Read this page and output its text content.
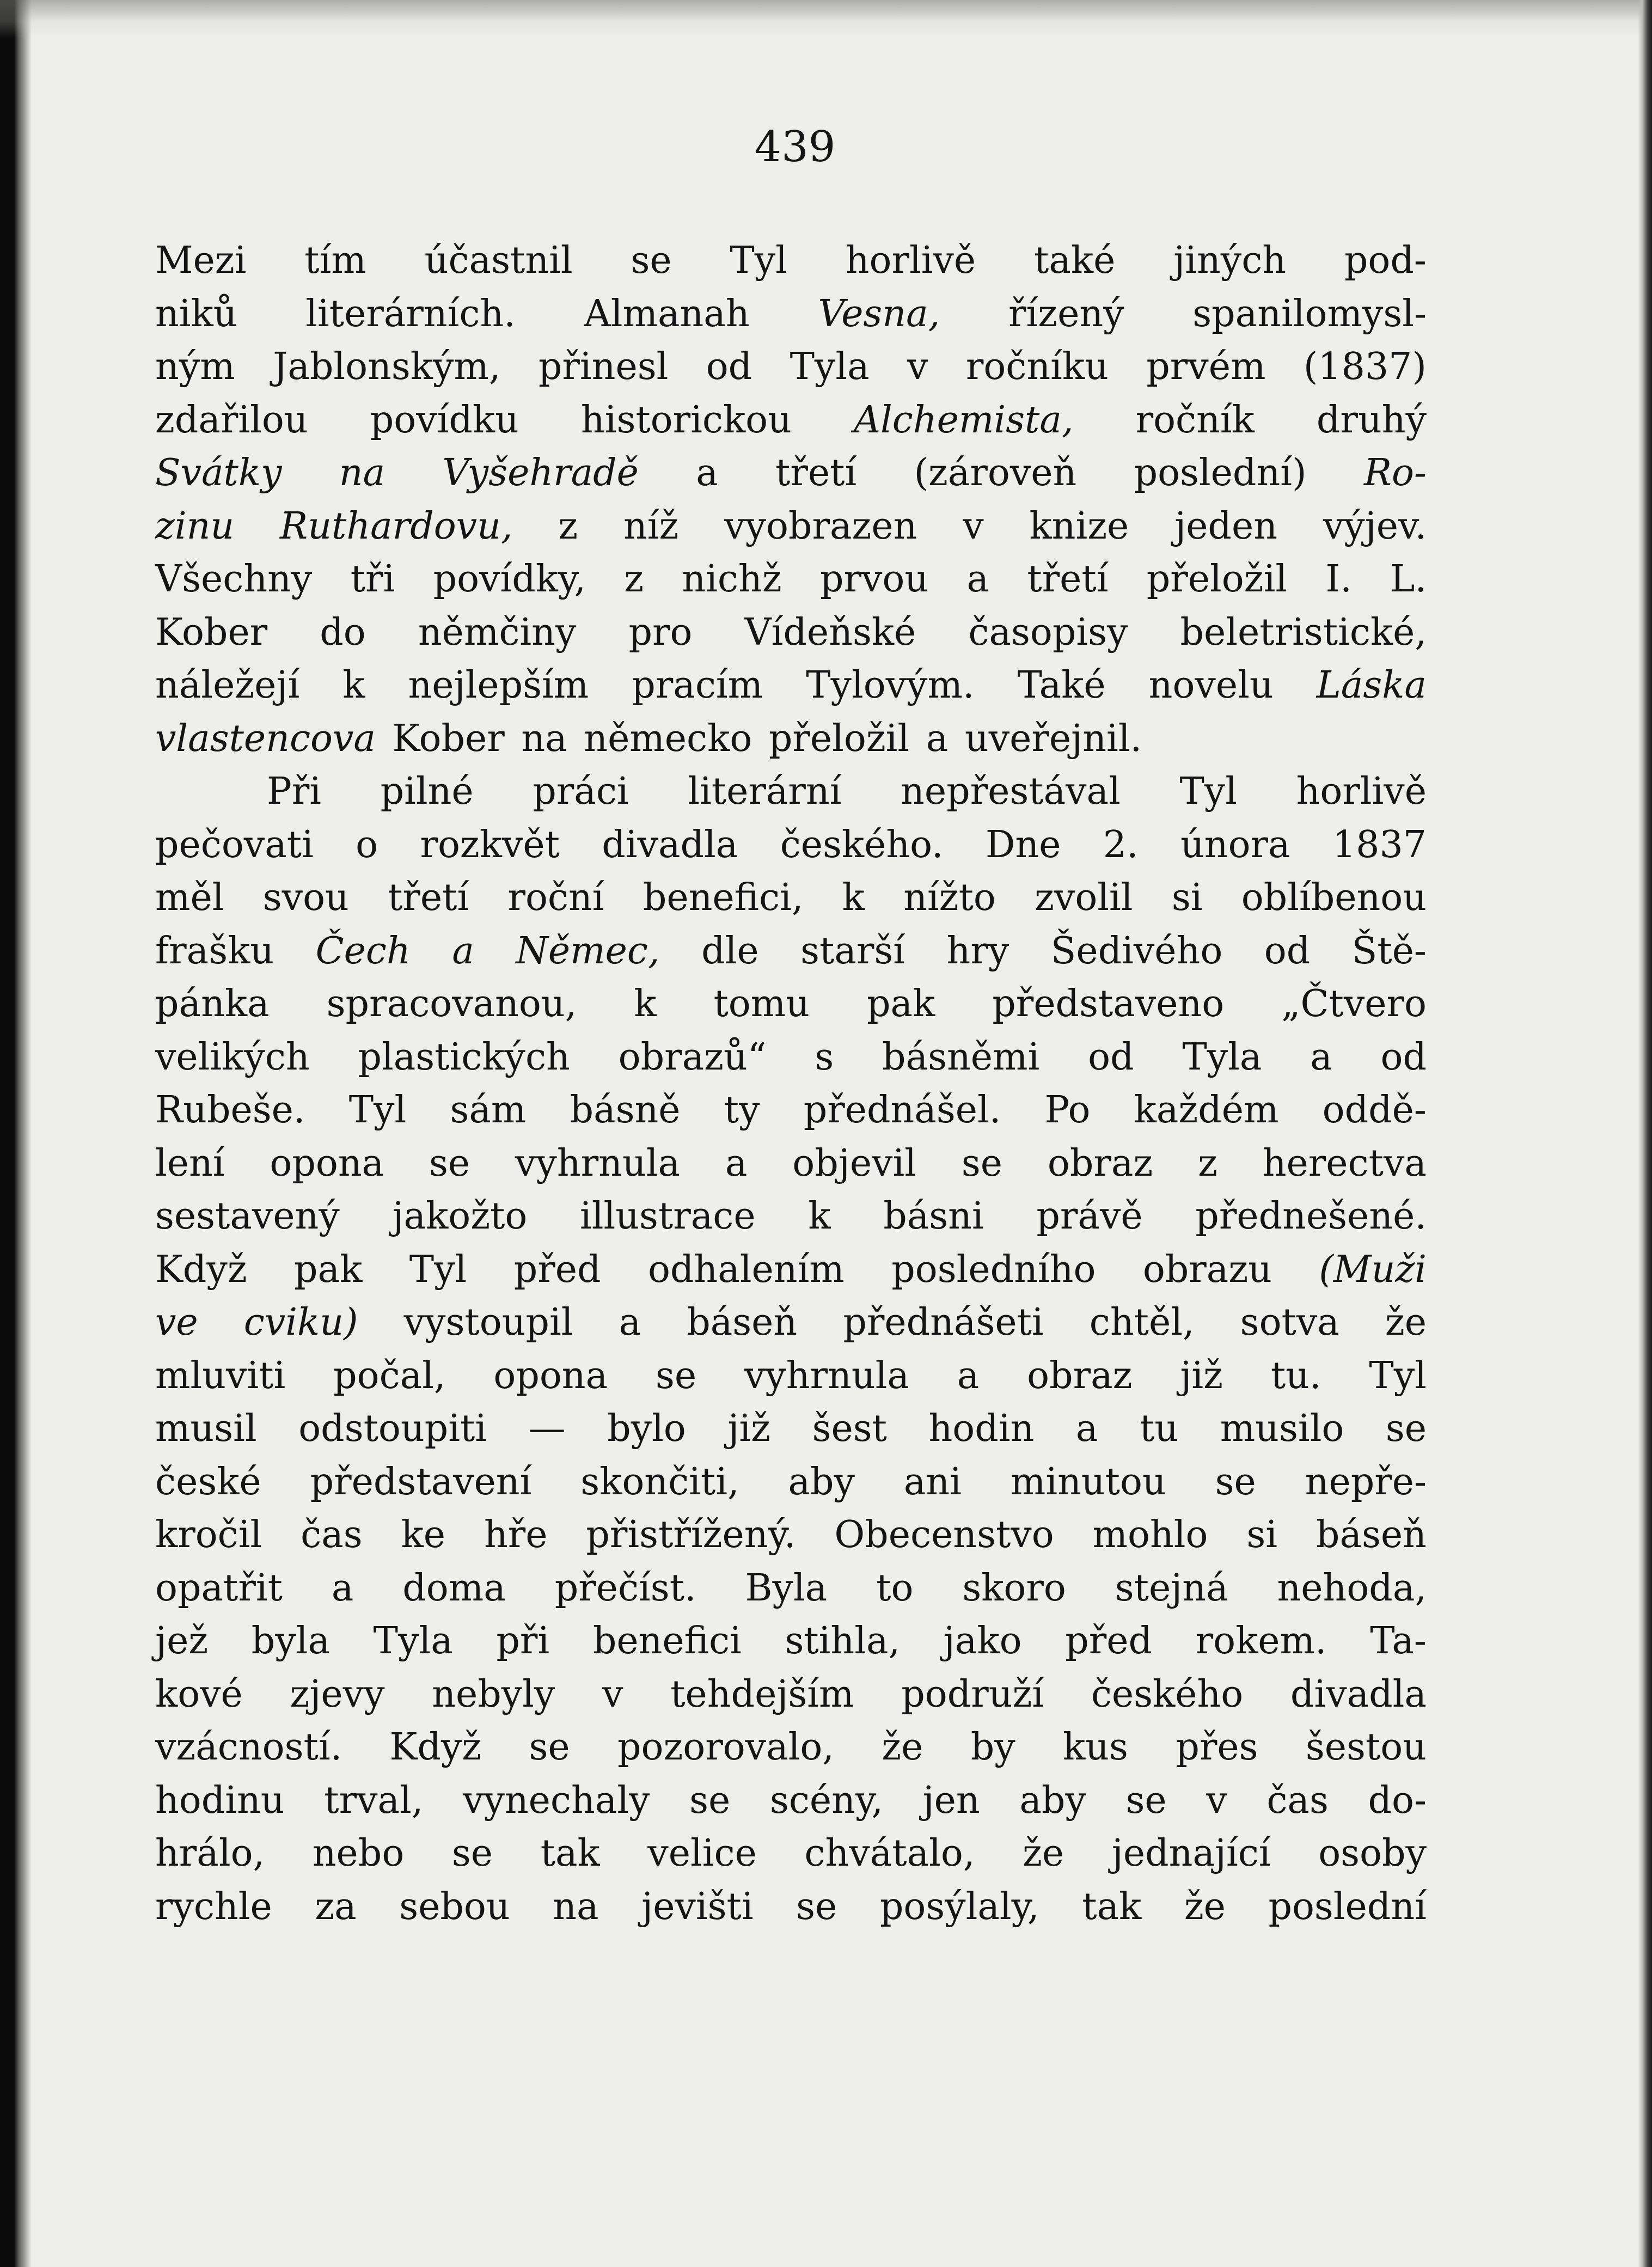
439
Mezi tím účastnil se Tyl horlivě také jiných pod-
niků literárních. Almanah Vesna, řízený spanilomysl-
ným Jablonským, přinesl od Tyla v ročníku prvém (1837)
zdařilou povídku historickou Alchemista, ročník druhý
Svátky na Vyšehradě a třetí (zároveň poslední) Ro-
zinu Ruthardovu, z níž vyobrazen v knize jeden výjev.
Všechny tři povídky, z nichž prvou a třetí přeložil I. L.
Kober do němčiny pro Vídeňské časopisy beletristické,
náležejí k nejlepším pracím Tylovým. Také novelu Láska
vlastencova Kober na německo přeložil a uveřejnil.
Při pilné práci literární nepřestával Tyl horlivě
pečovati o rozkvět divadla českého. Dne 2. února 1837
měl svou třetí roční benefici, k nížto zvolil si oblíbenou
frašku Čech a Němec, dle starší hry Šedivého od Ště-
pánka spracovanou, k tomu pak představeno „Čtvero
velikých plastických obrazů“ s básněmi od Tyla a od
Rubeše. Tyl sám básně ty přednášel. Po každém oddě-
lení opona se vyhrnula a objevil se obraz z herectva
sestavený jakožto illustrace k básni právě přednešené.
Když pak Tyl před odhalením posledního obrazu (Muži
ve cviku) vystoupil a báseň přednášeti chtěl, sotva že
mluviti počal, opona se vyhrnula a obraz již tu. Tyl
musil odstoupiti — bylo již šest hodin a tu musilo se
české představení skončiti, aby ani minutou se nepře-
kročil čas ke hře přistřížený. Obecenstvo mohlo si báseň
opatřit a doma přečíst. Byla to skoro stejná nehoda,
jež byla Tyla při benefici stihla, jako před rokem. Ta-
kové zjevy nebyly v tehdejším podruží českého divadla
vzácností. Když se pozorovalo, že by kus přes šestou
hodinu trval, vynechaly se scény, jen aby se v čas do-
hrálo, nebo se tak velice chvátalo, že jednající osoby
rychle za sebou na jevišti se posýlaly, tak že poslední
